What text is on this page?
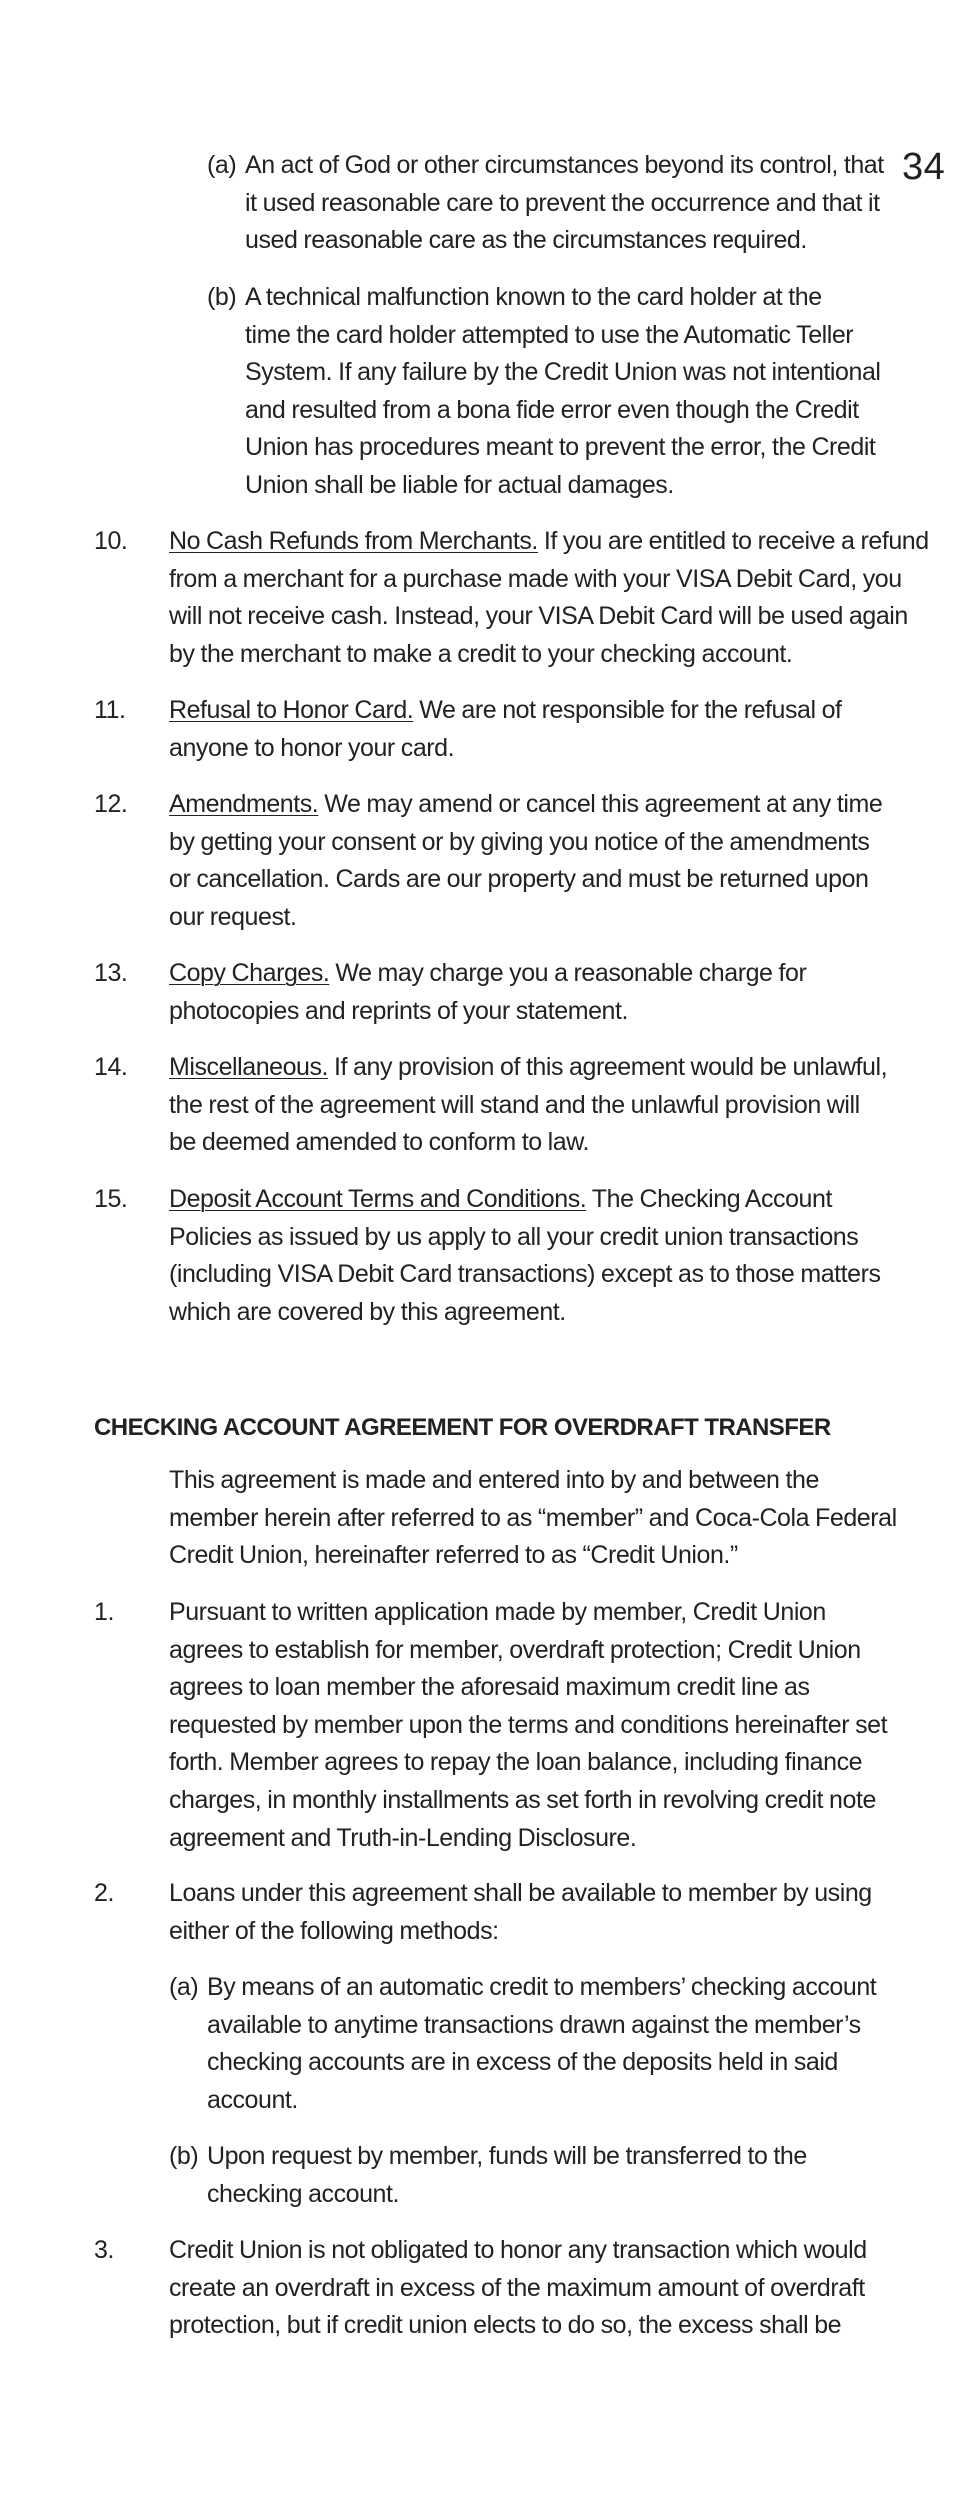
34
(a) An act of God or other circumstances beyond its control, that

it used reasonable care to prevent the occurrence and that it

used reasonable care as the circumstances required.

(b) A technical malfunction known to the card holder at the

time the card holder attempted to use the Automatic Teller

System. If any failure by the Credit Union was not intentional

and resulted from a bona fide error even though the Credit

Union has procedures meant to prevent the error, the Credit

Union shall be liable for actual damages.

10. No Cash Refunds from Merchants. If you are entitled to receive a refund

from a merchant for a purchase made with your VISA Debit Card, you

will not receive cash. Instead, your VISA Debit Card will be used again

by the merchant to make a credit to your checking account.

11. Refusal to Honor Card. We are not responsible for the refusal of

anyone to honor your card.

12. Amendments. We may amend or cancel this agreement at any time

by getting your consent or by giving you notice of the amendments

or cancellation. Cards are our property and must be returned upon

our request.

13. Copy Charges. We may charge you a reasonable charge for

photocopies and reprints of your statement.

14. Miscellaneous. If any provision of this agreement would be unlawful,

the rest of the agreement will stand and the unlawful provision will

be deemed amended to conform to law.

15. Deposit Account Terms and Conditions. The Checking Account

Policies as issued by us apply to all your credit union transactions

(including VISA Debit Card transactions) except as to those matters

which are covered by this agreement.

CHECKING ACCOUNT AGREEMENT FOR OVERDRAFT TRANSFER

This agreement is made and entered into by and between the

member herein after referred to as “member” and Coca-Cola Federal

Credit Union, hereinafter referred to as “Credit Union.”

1. Pursuant to written application made by member, Credit Union

agrees to establish for member, overdraft protection; Credit Union

agrees to loan member the aforesaid maximum credit line as

requested by member upon the terms and conditions hereinafter set

forth. Member agrees to repay the loan balance, including finance

charges, in monthly installments as set forth in revolving credit note

agreement and Truth-in-Lending Disclosure.

2. Loans under this agreement shall be available to member by using

either of the following methods:

(a) By means of an automatic credit to members’ checking account

available to anytime transactions drawn against the member’s

checking accounts are in excess of the deposits held in said

account.

(b) Upon request by member, funds will be transferred to the

checking account.

3. Credit Union is not obligated to honor any transaction which would

create an overdraft in excess of the maximum amount of overdraft

protection, but if credit union elects to do so, the excess shall be
